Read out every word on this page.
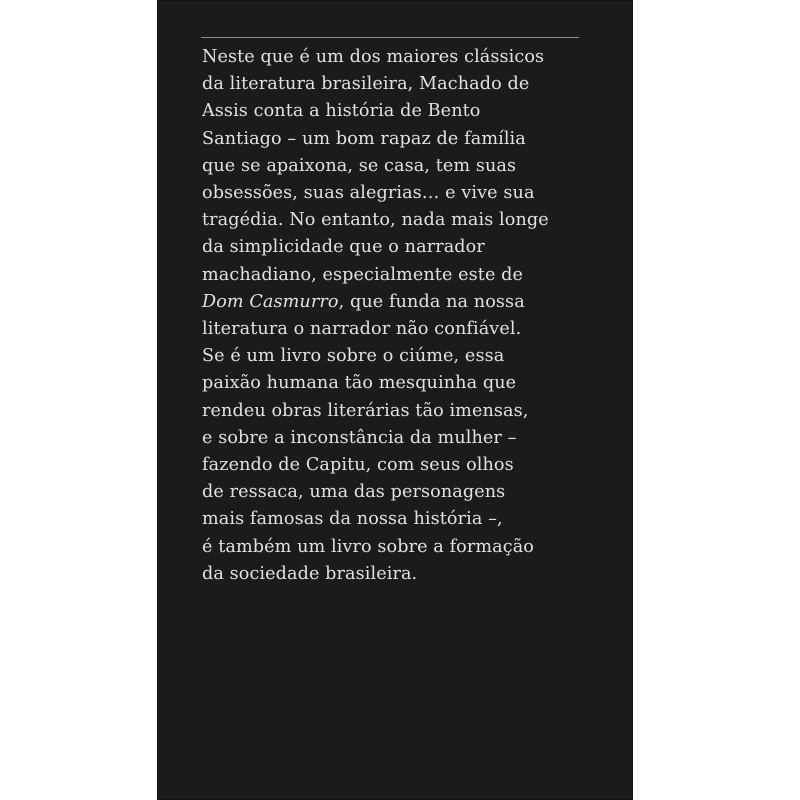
Neste que é um dos maiores clássicos
da literatura brasileira, Machado de
Assis conta a história de Bento
Santiago – um bom rapaz de família
que se apaixona, se casa, tem suas
obsessões, suas alegrias… e vive sua
tragédia. No entanto, nada mais longe
da simplicidade que o narrador
machadiano, especialmente este de
Dom Casmurro, que funda na nossa
literatura o narrador não confiável.
Se é um livro sobre o ciúme, essa
paixão humana tão mesquinha que
rendeu obras literárias tão imensas,
e sobre a inconstância da mulher –
fazendo de Capitu, com seus olhos
de ressaca, uma das personagens
mais famosas da nossa história –,
é também um livro sobre a formação
da sociedade brasileira.
